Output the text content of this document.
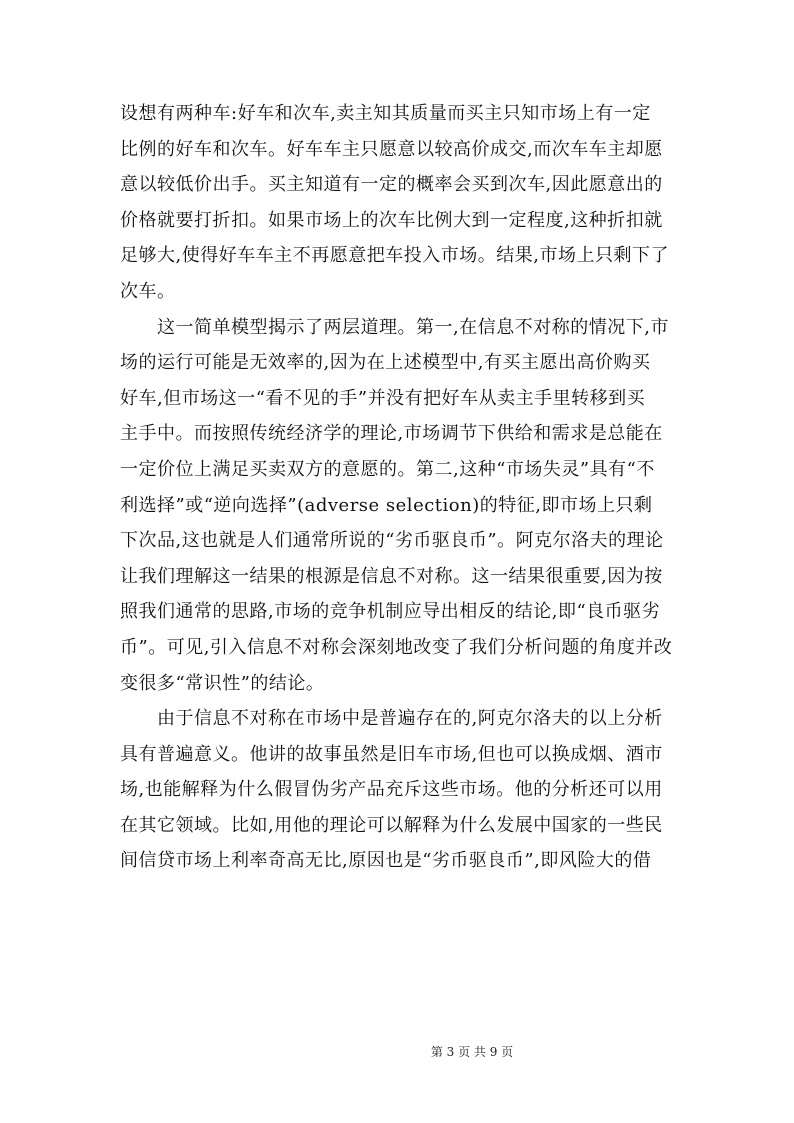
设想有两种车:好车和次车,卖主知其质量而买主只知市场上有一定
比例的好车和次车。好车车主只愿意以较高价成交,而次车车主却愿
意以较低价出手。买主知道有一定的概率会买到次车,因此愿意出的
价格就要打折扣。如果市场上的次车比例大到一定程度,这种折扣就
足够大,使得好车车主不再愿意把车投入市场。结果,市场上只剩下了
次车。
　　这一简单模型揭示了两层道理。第一,在信息不对称的情况下,市
场的运行可能是无效率的,因为在上述模型中,有买主愿出高价购买
好车,但市场这一“看不见的手”并没有把好车从卖主手里转移到买
主手中。而按照传统经济学的理论,市场调节下供给和需求是总能在
一定价位上满足买卖双方的意愿的。第二,这种“市场失灵”具有“不
利选择”或“逆向选择”(adverse selection)的特征,即市场上只剩
下次品,这也就是人们通常所说的“劣币驱良币”。阿克尔洛夫的理论
让我们理解这一结果的根源是信息不对称。这一结果很重要,因为按
照我们通常的思路,市场的竞争机制应导出相反的结论,即“良币驱劣
币”。可见,引入信息不对称会深刻地改变了我们分析问题的角度并改
变很多“常识性”的结论。
　　由于信息不对称在市场中是普遍存在的,阿克尔洛夫的以上分析
具有普遍意义。他讲的故事虽然是旧车市场,但也可以换成烟、酒市
场,也能解释为什么假冒伪劣产品充斥这些市场。他的分析还可以用
在其它领域。比如,用他的理论可以解释为什么发展中国家的一些民
间信贷市场上利率奇高无比,原因也是“劣币驱良币”,即风险大的借
第 3 页 共 9 页
